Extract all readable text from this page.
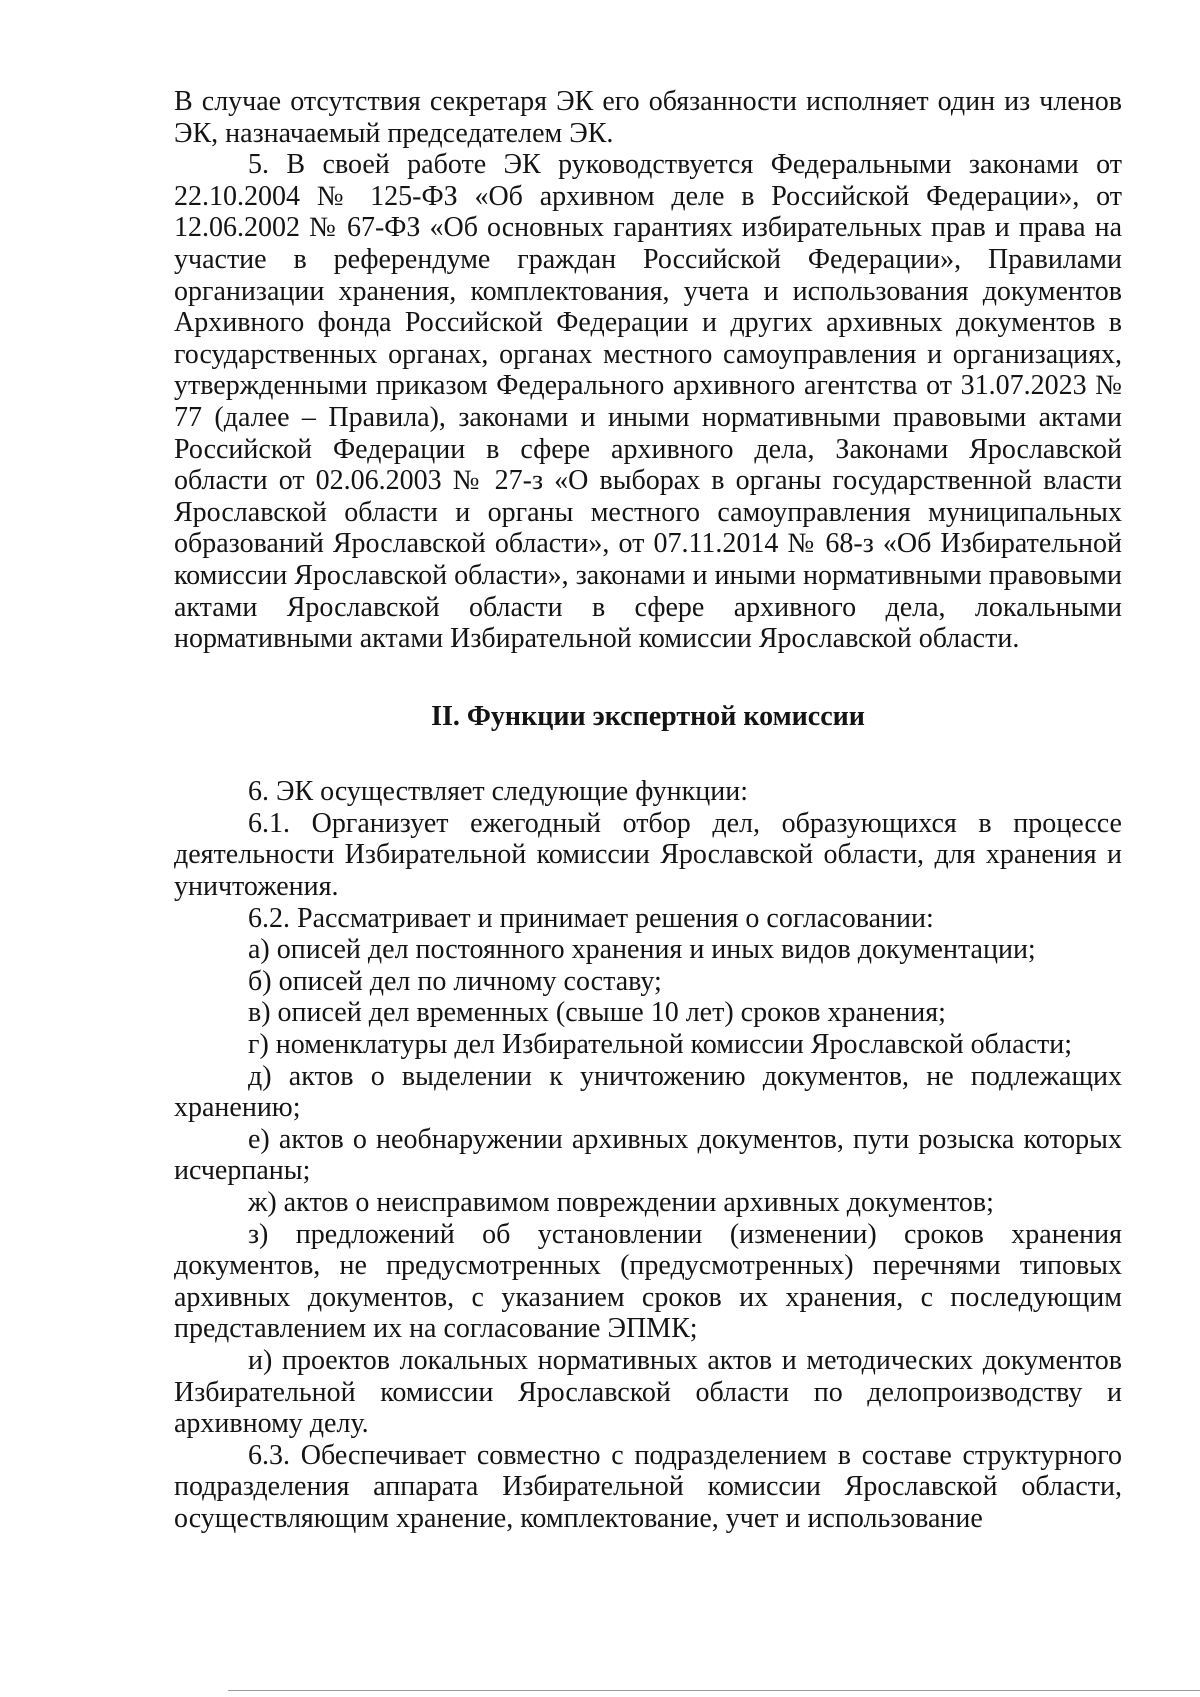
В случае отсутствия секретаря ЭК его обязанности исполняет один из членов ЭК, назначаемый председателем ЭК.

5. В своей работе ЭК руководствуется Федеральными законами от 22.10.2004 № 125-ФЗ «Об архивном деле в Российской Федерации», от 12.06.2002 № 67-ФЗ «Об основных гарантиях избирательных прав и права на участие в референдуме граждан Российской Федерации», Правилами организации хранения, комплектования, учета и использования документов Архивного фонда Российской Федерации и других архивных документов в государственных органах, органах местного самоуправления и организациях, утвержденными приказом Федерального архивного агентства от 31.07.2023 № 77 (далее – Правила), законами и иными нормативными правовыми актами Российской Федерации в сфере архивного дела, Законами Ярославской области от 02.06.2003 № 27-з «О выборах в органы государственной власти Ярославской области и органы местного самоуправления муниципальных образований Ярославской области», от 07.11.2014 № 68-з «Об Избирательной комиссии Ярославской области», законами и иными нормативными правовыми актами Ярославской области в сфере архивного дела, локальными нормативными актами Избирательной комиссии Ярославской области.

II. Функции экспертной комиссии

6. ЭК осуществляет следующие функции:

6.1. Организует ежегодный отбор дел, образующихся в процессе деятельности Избирательной комиссии Ярославской области, для хранения и уничтожения.

6.2. Рассматривает и принимает решения о согласовании:

а) описей дел постоянного хранения и иных видов документации;

б) описей дел по личному составу;

в) описей дел временных (свыше 10 лет) сроков хранения;

г) номенклатуры дел Избирательной комиссии Ярославской области;

д) актов о выделении к уничтожению документов, не подлежащих хранению;

е) актов о необнаружении архивных документов, пути розыска которых исчерпаны;

ж) актов о неисправимом повреждении архивных документов;

з) предложений об установлении (изменении) сроков хранения документов, не предусмотренных (предусмотренных) перечнями типовых архивных документов, с указанием сроков их хранения, с последующим представлением их на согласование ЭПМК;

и) проектов локальных нормативных актов и методических документов Избирательной комиссии Ярославской области по делопроизводству и архивному делу.

6.3. Обеспечивает совместно с подразделением в составе структурного подразделения аппарата Избирательной комиссии Ярославской области, осуществляющим хранение, комплектование, учет и использование
